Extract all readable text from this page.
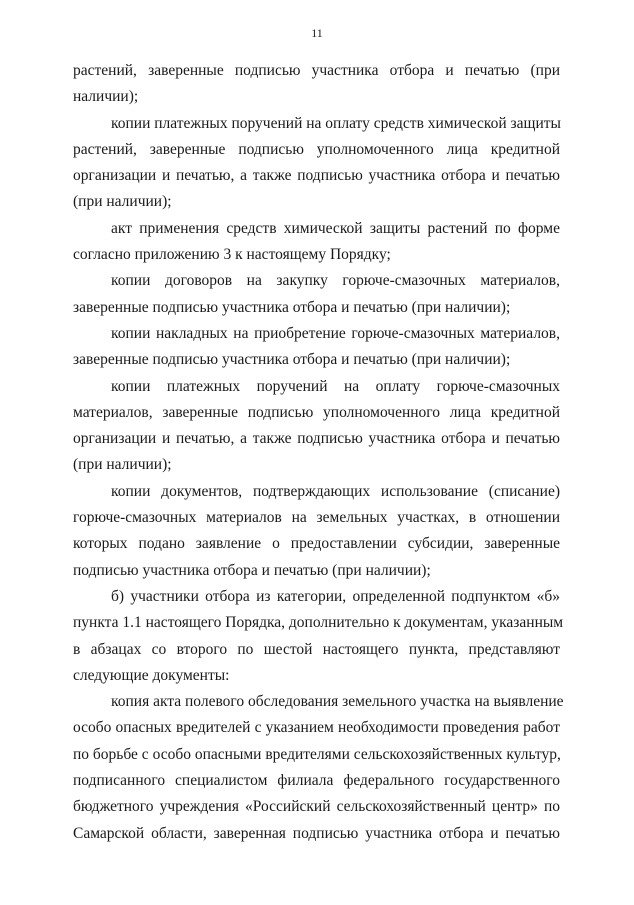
11
растений, заверенные подписью участника отбора и печатью (при
наличии);
копии платежных поручений на оплату средств химической защиты
растений, заверенные подписью уполномоченного лица кредитной
организации и печатью, а также подписью участника отбора и печатью
(при наличии);
акт применения средств химической защиты растений по форме
согласно приложению 3 к настоящему Порядку;
копии договоров на закупку горюче-смазочных материалов,
заверенные подписью участника отбора и печатью (при наличии);
копии накладных на приобретение горюче-смазочных материалов,
заверенные подписью участника отбора и печатью (при наличии);
копии платежных поручений на оплату горюче-смазочных
материалов, заверенные подписью уполномоченного лица кредитной
организации и печатью, а также подписью участника отбора и печатью
(при наличии);
копии документов, подтверждающих использование (списание)
горюче-смазочных материалов на земельных участках, в отношении
которых подано заявление о предоставлении субсидии, заверенные
подписью участника отбора и печатью (при наличии);
б) участники отбора из категории, определенной подпунктом «б»
пункта 1.1 настоящего Порядка, дополнительно к документам, указанным
в абзацах со второго по шестой настоящего пункта, представляют
следующие документы:
копия акта полевого обследования земельного участка на выявление
особо опасных вредителей с указанием необходимости проведения работ
по борьбе с особо опасными вредителями сельскохозяйственных культур,
подписанного специалистом филиала федерального государственного
бюджетного учреждения «Российский сельскохозяйственный центр» по
Самарской области, заверенная подписью участника отбора и печатью
